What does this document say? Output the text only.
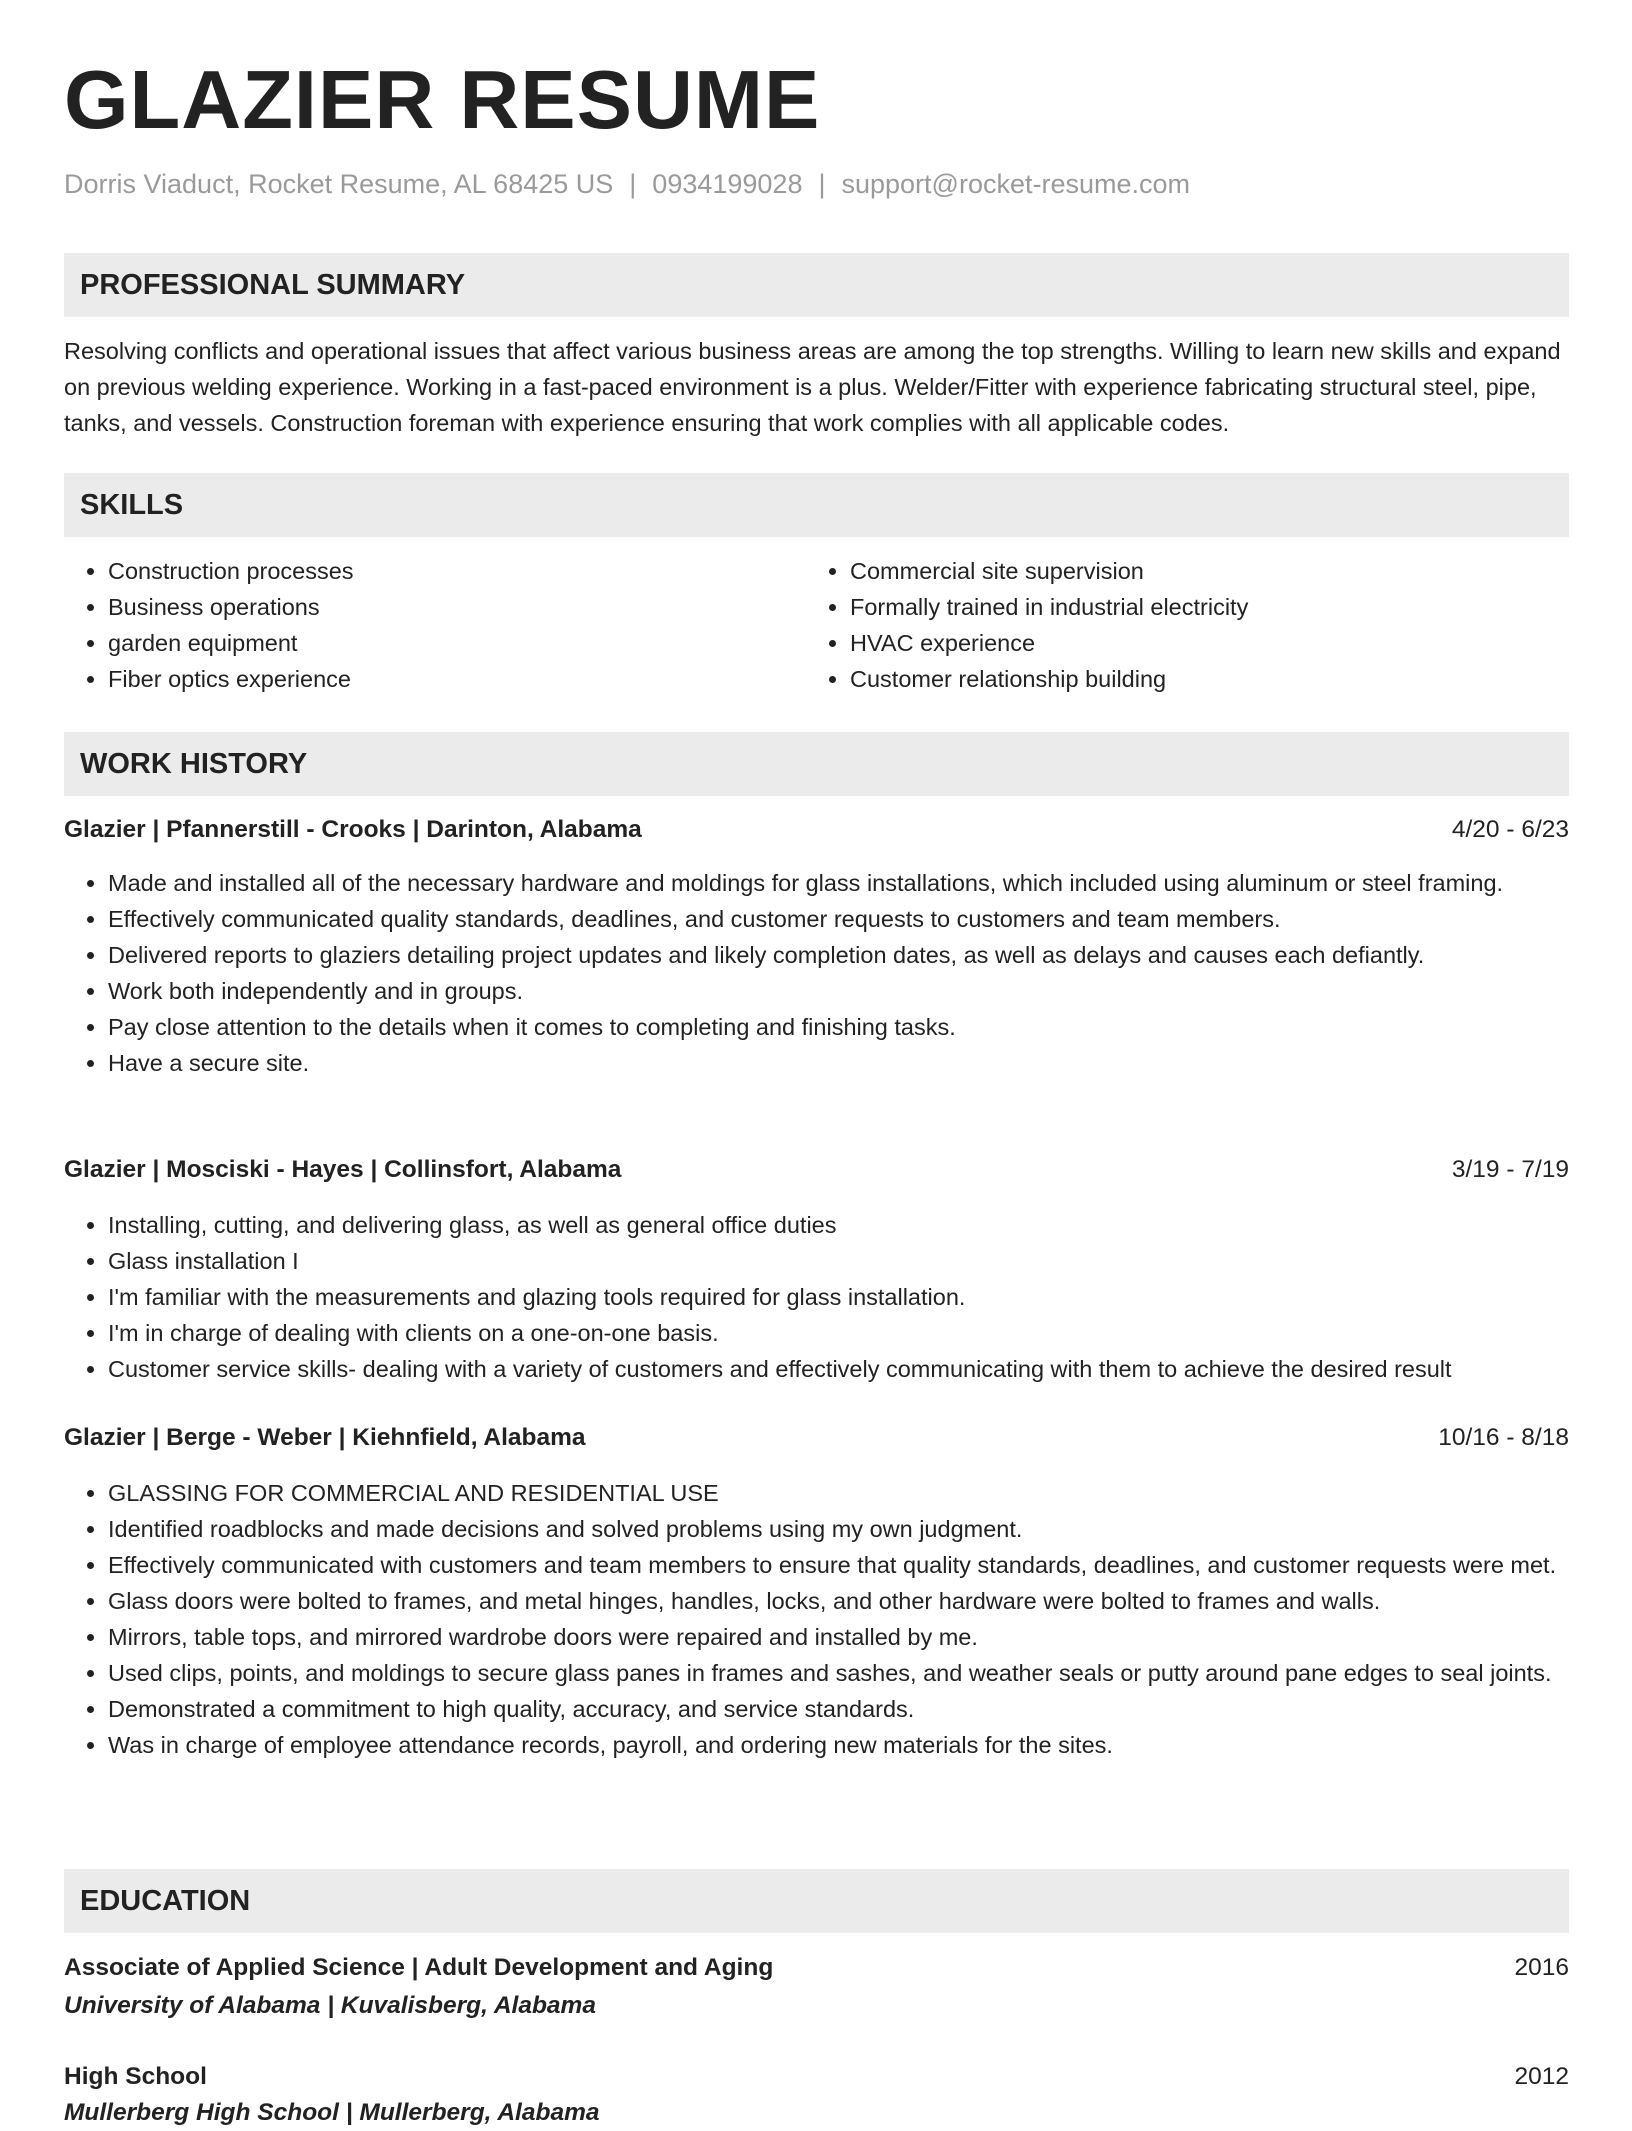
GLAZIER RESUME
Dorris Viaduct, Rocket Resume, AL 68425 US | 0934199028 | support@rocket-resume.com
PROFESSIONAL SUMMARY

Resolving conflicts and operational issues that affect various business areas are among the top strengths. Willing to learn new skills and expand on previous welding experience. Working in a fast-paced environment is a plus. Welder/Fitter with experience fabricating structural steel, pipe, tanks, and vessels. Construction foreman with experience ensuring that work complies with all applicable codes.

SKILLS
• Construction processes
• Business operations
• garden equipment
• Fiber optics experience
• Commercial site supervision
• Formally trained in industrial electricity
• HVAC experience
• Customer relationship building
WORK HISTORY
Glazier | Pfannerstill - Crooks | Darinton, Alabama	4/20 - 6/23
• Made and installed all of the necessary hardware and moldings for glass installations, which included using aluminum or steel framing.
• Effectively communicated quality standards, deadlines, and customer requests to customers and team members.
• Delivered reports to glaziers detailing project updates and likely completion dates, as well as delays and causes each defiantly.
• Work both independently and in groups.
• Pay close attention to the details when it comes to completing and finishing tasks.
• Have a secure site.
Glazier | Mosciski - Hayes | Collinsfort, Alabama	3/19 - 7/19
• Installing, cutting, and delivering glass, as well as general office duties
• Glass installation I
• I'm familiar with the measurements and glazing tools required for glass installation.
• I'm in charge of dealing with clients on a one-on-one basis.
• Customer service skills- dealing with a variety of customers and effectively communicating with them to achieve the desired result
Glazier | Berge - Weber | Kiehnfield, Alabama	10/16 - 8/18
• GLASSING FOR COMMERCIAL AND RESIDENTIAL USE
• Identified roadblocks and made decisions and solved problems using my own judgment.
• Effectively communicated with customers and team members to ensure that quality standards, deadlines, and customer requests were met.
• Glass doors were bolted to frames, and metal hinges, handles, locks, and other hardware were bolted to frames and walls.
• Mirrors, table tops, and mirrored wardrobe doors were repaired and installed by me.
• Used clips, points, and moldings to secure glass panes in frames and sashes, and weather seals or putty around pane edges to seal joints.
• Demonstrated a commitment to high quality, accuracy, and service standards.
• Was in charge of employee attendance records, payroll, and ordering new materials for the sites.
EDUCATION
Associate of Applied Science | Adult Development and Aging	2016
University of Alabama | Kuvalisberg, Alabama
High School	2012
Mullerberg High School | Mullerberg, Alabama
